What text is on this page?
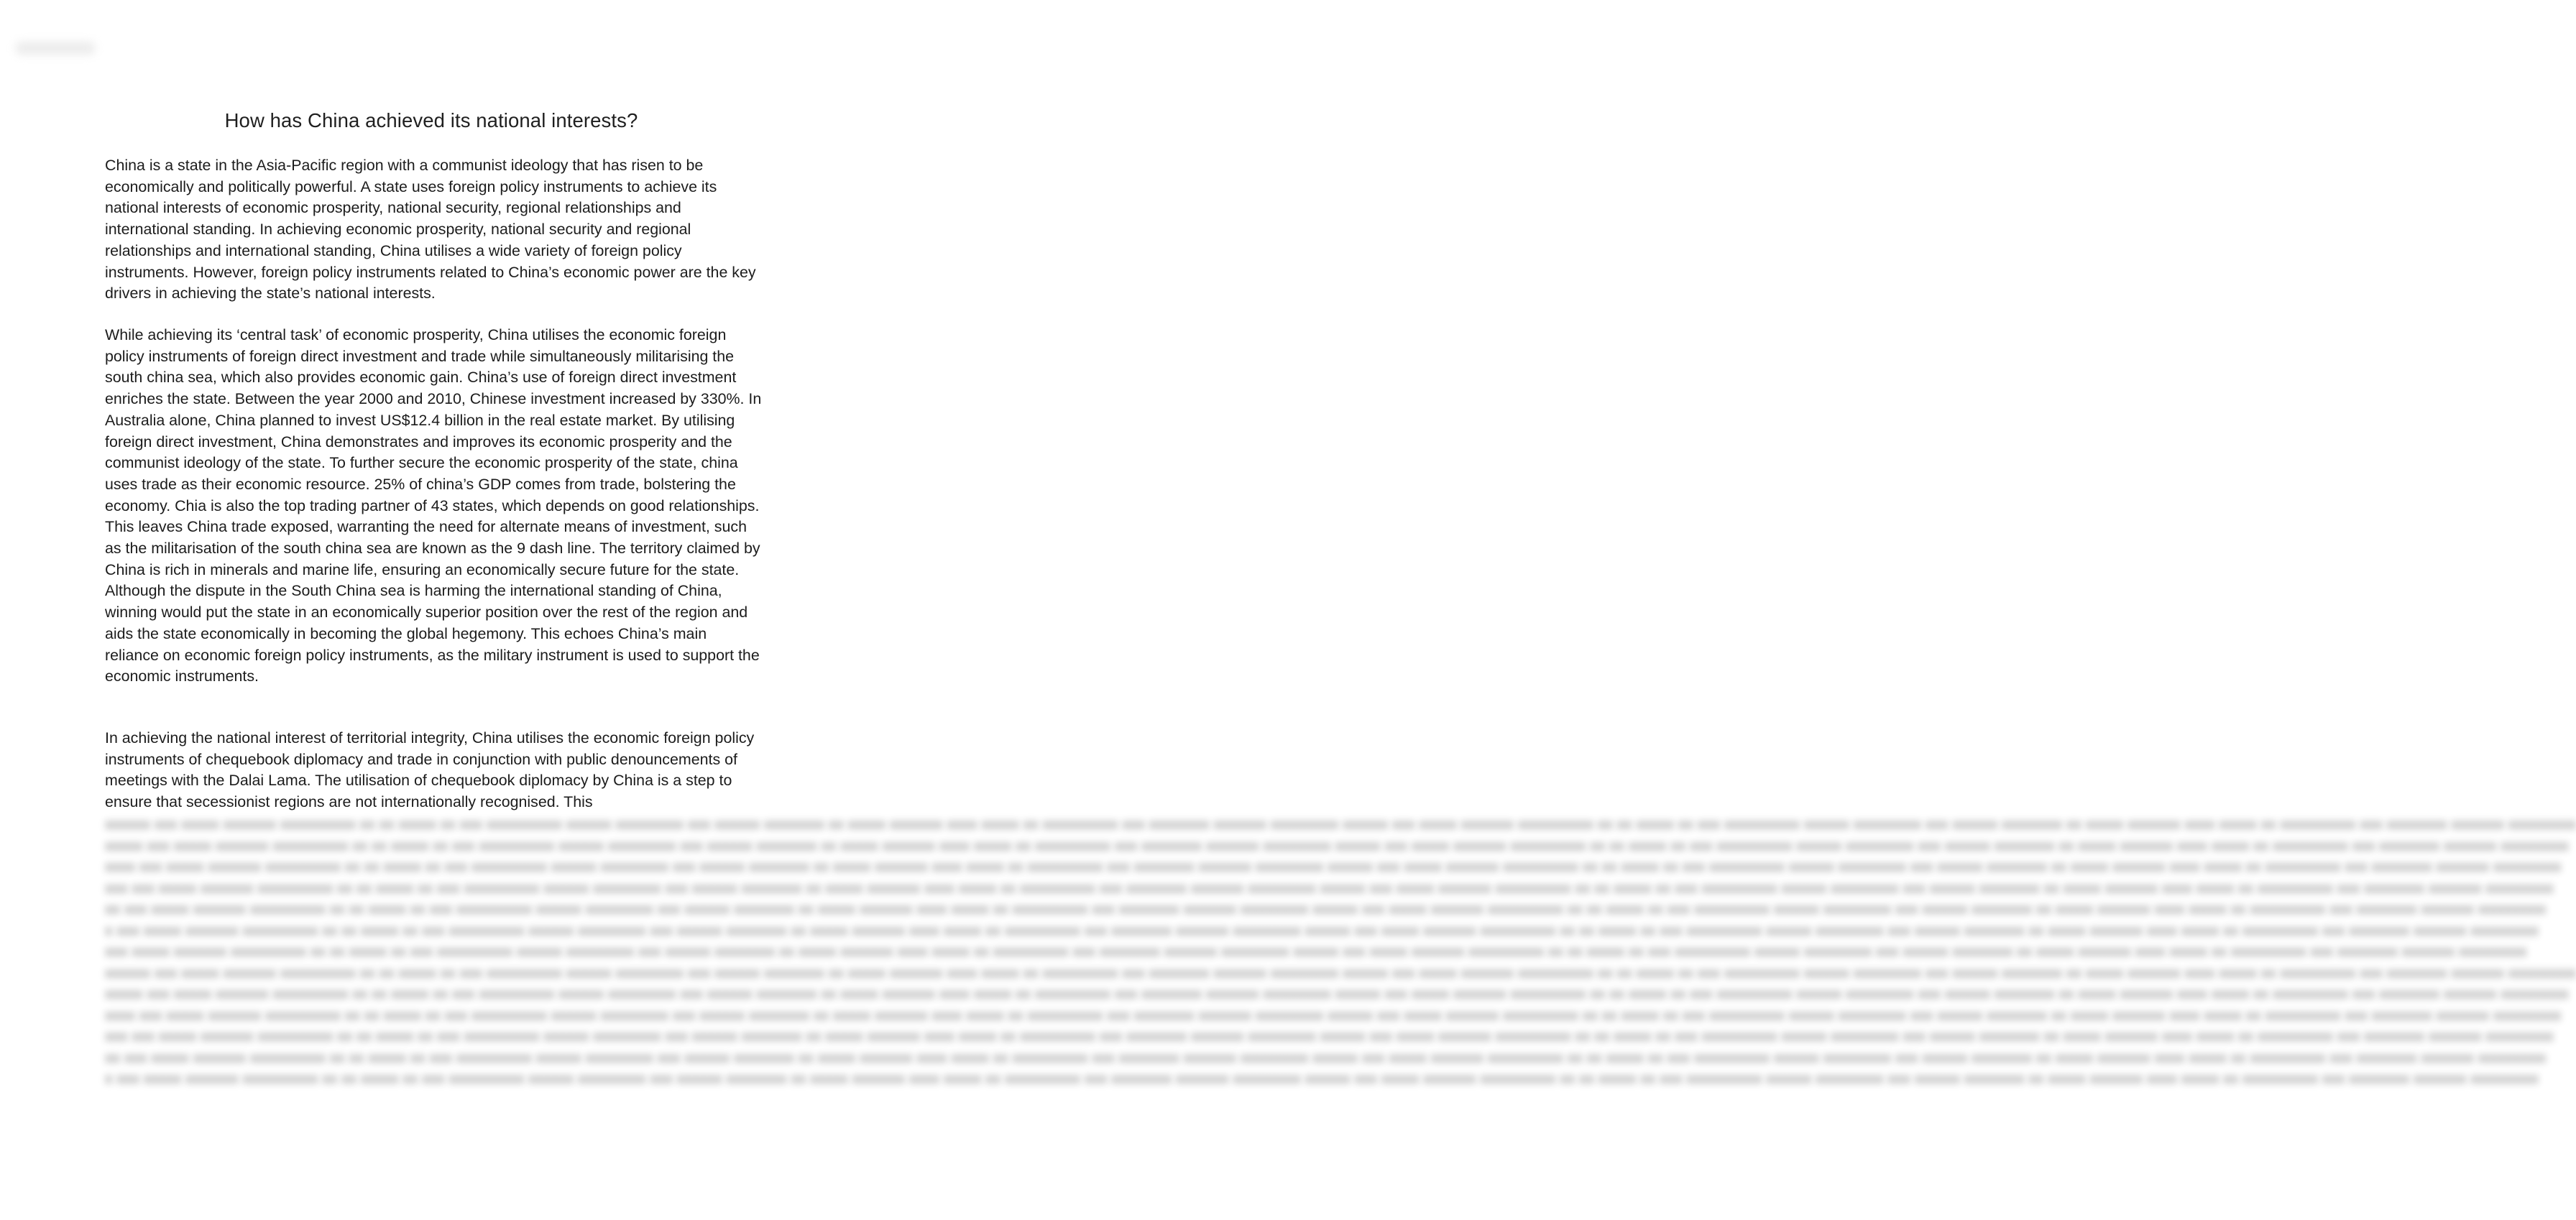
How has China achieved its national interests?

China is a state in the Asia-Pacific region with a communist ideology that has risen to be economically and politically powerful. A state uses foreign policy instruments to achieve its national interests of economic prosperity, national security, regional relationships and international standing. In achieving economic prosperity, national security and regional relationships and international standing, China utilises a wide variety of foreign policy instruments. However, foreign policy instruments related to China’s economic power are the key drivers in achieving the state’s national interests.

While achieving its ‘central task’ of economic prosperity, China utilises the economic foreign policy instruments of foreign direct investment and trade while simultaneously militarising the south china sea, which also provides economic gain. China’s use of foreign direct investment enriches the state. Between the year 2000 and 2010, Chinese investment increased by 330%. In Australia alone, China planned to invest US$12.4 billion in the real estate market. By utilising foreign direct investment, China demonstrates and improves its economic prosperity and the communist ideology of the state. To further secure the economic prosperity of the state, china uses trade as their economic resource. 25% of china’s GDP comes from trade, bolstering the economy. Chia is also the top trading partner of 43 states, which depends on good relationships. This leaves China trade exposed, warranting the need for alternate means of investment, such as the militarisation of the south china sea are known as the 9 dash line. The territory claimed by China is rich in minerals and marine life, ensuring an economically secure future for the state. Although the dispute in the South China sea is harming the international standing of China, winning would put the state in an economically superior position over the rest of the region and aids the state economically in becoming the global hegemony. This echoes China’s main reliance on economic foreign policy instruments, as the military instrument is used to support the economic instruments.

In achieving the national interest of territorial integrity, China utilises the economic foreign policy instruments of chequebook diplomacy and trade in conjunction with public denouncements of meetings with the Dalai Lama. The utilisation of chequebook diplomacy by China is a step to ensure that secessionist regions are not internationally recognised. This

xxxxxx xxx xxxxx xxxxxxx xxxxxxxxxx xx xx xxxxx xx xxx xxxxxxxxxx xxxxxx xxxxxxxxx xxx xxxxxx xxxxxxxx xx xxxxx xxxxxxx xxxx xxxxx xx xxxxxxxxxx xxx xxxxxxxx xxxxxxx xxxxxxxxx xxxxxx xxx xxxxx xxxxxxx xxxxxxxxxx xx xx xxxxx xx xxx xxxxxxxxxx xxxxxx xxxxxxxxx xxx xxxxxx xxxxxxxx xx xxxxx xxxxxxx xxxx xxxxx xx xxxxxxxxxx xxx xxxxxxxx xxxxxxx xxxxxxxxx
xxxxx xxx xxxxx xxxxxxx xxxxxxxxxx xx xx xxxxx xx xxx xxxxxxxxxx xxxxxx xxxxxxxxx xxx xxxxxx xxxxxxxx xx xxxxx xxxxxxx xxxx xxxxx xx xxxxxxxxxx xxx xxxxxxxx xxxxxxx xxxxxxxxx xxxxxx xxx xxxxx xxxxxxx xxxxxxxxxx xx xx xxxxx xx xxx xxxxxxxxxx xxxxxx xxxxxxxxx xxx xxxxxx xxxxxxxx xx xxxxx xxxxxxx xxxx xxxxx xx xxxxxxxxxx xxx xxxxxxxx xxxxxxx xxxxxxxxx
xxxx xxx xxxxx xxxxxxx xxxxxxxxxx xx xx xxxxx xx xxx xxxxxxxxxx xxxxxx xxxxxxxxx xxx xxxxxx xxxxxxxx xx xxxxx xxxxxxx xxxx xxxxx xx xxxxxxxxxx xxx xxxxxxxx xxxxxxx xxxxxxxxx xxxxxx xxx xxxxx xxxxxxx xxxxxxxxxx xx xx xxxxx xx xxx xxxxxxxxxx xxxxxx xxxxxxxxx xxx xxxxxx xxxxxxxx xx xxxxx xxxxxxx xxxx xxxxx xx xxxxxxxxxx xxx xxxxxxxx xxxxxxx xxxxxxxxx
xxx xxx xxxxx xxxxxxx xxxxxxxxxx xx xx xxxxx xx xxx xxxxxxxxxx xxxxxx xxxxxxxxx xxx xxxxxx xxxxxxxx xx xxxxx xxxxxxx xxxx xxxxx xx xxxxxxxxxx xxx xxxxxxxx xxxxxxx xxxxxxxxx xxxxxx xxx xxxxx xxxxxxx xxxxxxxxxx xx xx xxxxx xx xxx xxxxxxxxxx xxxxxx xxxxxxxxx xxx xxxxxx xxxxxxxx xx xxxxx xxxxxxx xxxx xxxxx xx xxxxxxxxxx xxx xxxxxxxx xxxxxxx xxxxxxxxx
xx xxx xxxxx xxxxxxx xxxxxxxxxx xx xx xxxxx xx xxx xxxxxxxxxx xxxxxx xxxxxxxxx xxx xxxxxx xxxxxxxx xx xxxxx xxxxxxx xxxx xxxxx xx xxxxxxxxxx xxx xxxxxxxx xxxxxxx xxxxxxxxx xxxxxx xxx xxxxx xxxxxxx xxxxxxxxxx xx xx xxxxx xx xxx xxxxxxxxxx xxxxxx xxxxxxxxx xxx xxxxxx xxxxxxxx xx xxxxx xxxxxxx xxxx xxxxx xx xxxxxxxxxx xxx xxxxxxxx xxxxxxx xxxxxxxxx
x xxx xxxxx xxxxxxx xxxxxxxxxx xx xx xxxxx xx xxx xxxxxxxxxx xxxxxx xxxxxxxxx xxx xxxxxx xxxxxxxx xx xxxxx xxxxxxx xxxx xxxxx xx xxxxxxxxxx xxx xxxxxxxx xxxxxxx xxxxxxxxx xxxxxx xxx xxxxx xxxxxxx xxxxxxxxxx xx xx xxxxx xx xxx xxxxxxxxxx xxxxxx xxxxxxxxx xxx xxxxxx xxxxxxxx xx xxxxx xxxxxxx xxxx xxxxx xx xxxxxxxxxx xxx xxxxxxxx xxxxxxx xxxxxxxxx
xxx xxxxx xxxxxxx xxxxxxxxxx xx xx xxxxx xx xxx xxxxxxxxxx xxxxxx xxxxxxxxx xxx xxxxxx xxxxxxxx xx xxxxx xxxxxxx xxxx xxxxx xx xxxxxxxxxx xxx xxxxxxxx xxxxxxx xxxxxxxxx xxxxxx xxx xxxxx xxxxxxx xxxxxxxxxx xx xx xxxxx xx xxx xxxxxxxxxx xxxxxx xxxxxxxxx xxx xxxxxx xxxxxxxx xx xxxxx xxxxxxx xxxx xxxxx xx xxxxxxxxxx xxx xxxxxxxx xxxxxxx xxxxxxxxx
xxxxxx xxx xxxxx xxxxxxx xxxxxxxxxx xx xx xxxxx xx xxx xxxxxxxxxx xxxxxx xxxxxxxxx xxx xxxxxx xxxxxxxx xx xxxxx xxxxxxx xxxx xxxxx xx xxxxxxxxxx xxx xxxxxxxx xxxxxxx xxxxxxxxx xxxxxx xxx xxxxx xxxxxxx xxxxxxxxxx xx xx xxxxx xx xxx xxxxxxxxxx xxxxxx xxxxxxxxx xxx xxxxxx xxxxxxxx xx xxxxx xxxxxxx xxxx xxxxx xx xxxxxxxxxx xxx xxxxxxxx xxxxxxx xxxxxxxxx
xxxxx xxx xxxxx xxxxxxx xxxxxxxxxx xx xx xxxxx xx xxx xxxxxxxxxx xxxxxx xxxxxxxxx xxx xxxxxx xxxxxxxx xx xxxxx xxxxxxx xxxx xxxxx xx xxxxxxxxxx xxx xxxxxxxx xxxxxxx xxxxxxxxx xxxxxx xxx xxxxx xxxxxxx xxxxxxxxxx xx xx xxxxx xx xxx xxxxxxxxxx xxxxxx xxxxxxxxx xxx xxxxxx xxxxxxxx xx xxxxx xxxxxxx xxxx xxxxx xx xxxxxxxxxx xxx xxxxxxxx xxxxxxx xxxxxxxxx
xxxx xxx xxxxx xxxxxxx xxxxxxxxxx xx xx xxxxx xx xxx xxxxxxxxxx xxxxxx xxxxxxxxx xxx xxxxxx xxxxxxxx xx xxxxx xxxxxxx xxxx xxxxx xx xxxxxxxxxx xxx xxxxxxxx xxxxxxx xxxxxxxxx xxxxxx xxx xxxxx xxxxxxx xxxxxxxxxx xx xx xxxxx xx xxx xxxxxxxxxx xxxxxx xxxxxxxxx xxx xxxxxx xxxxxxxx xx xxxxx xxxxxxx xxxx xxxxx xx xxxxxxxxxx xxx xxxxxxxx xxxxxxx xxxxxxxxx
xxx xxx xxxxx xxxxxxx xxxxxxxxxx xx xx xxxxx xx xxx xxxxxxxxxx xxxxxx xxxxxxxxx xxx xxxxxx xxxxxxxx xx xxxxx xxxxxxx xxxx xxxxx xx xxxxxxxxxx xxx xxxxxxxx xxxxxxx xxxxxxxxx xxxxxx xxx xxxxx xxxxxxx xxxxxxxxxx xx xx xxxxx xx xxx xxxxxxxxxx xxxxxx xxxxxxxxx xxx xxxxxx xxxxxxxx xx xxxxx xxxxxxx xxxx xxxxx xx xxxxxxxxxx xxx xxxxxxxx xxxxxxx xxxxxxxxx
xx xxx xxxxx xxxxxxx xxxxxxxxxx xx xx xxxxx xx xxx xxxxxxxxxx xxxxxx xxxxxxxxx xxx xxxxxx xxxxxxxx xx xxxxx xxxxxxx xxxx xxxxx xx xxxxxxxxxx xxx xxxxxxxx xxxxxxx xxxxxxxxx xxxxxx xxx xxxxx xxxxxxx xxxxxxxxxx xx xx xxxxx xx xxx xxxxxxxxxx xxxxxx xxxxxxxxx xxx xxxxxx xxxxxxxx xx xxxxx xxxxxxx xxxx xxxxx xx xxxxxxxxxx xxx xxxxxxxx xxxxxxx xxxxxxxxx
x xxx xxxxx xxxxxxx xxxxxxxxxx xx xx xxxxx xx xxx xxxxxxxxxx xxxxxx xxxxxxxxx xxx xxxxxx xxxxxxxx xx xxxxx xxxxxxx xxxx xxxxx xx xxxxxxxxxx xxx xxxxxxxx xxxxxxx xxxxxxxxx xxxxxx xxx xxxxx xxxxxxx xxxxxxxxxx xx xx xxxxx xx xxx xxxxxxxxxx xxxxxx xxxxxxxxx xxx xxxxxx xxxxxxxx xx xxxxx xxxxxxx xxxx xxxxx xx xxxxxxxxxx xxx xxxxxxxx xxxxxxx xxxxxxxxx
